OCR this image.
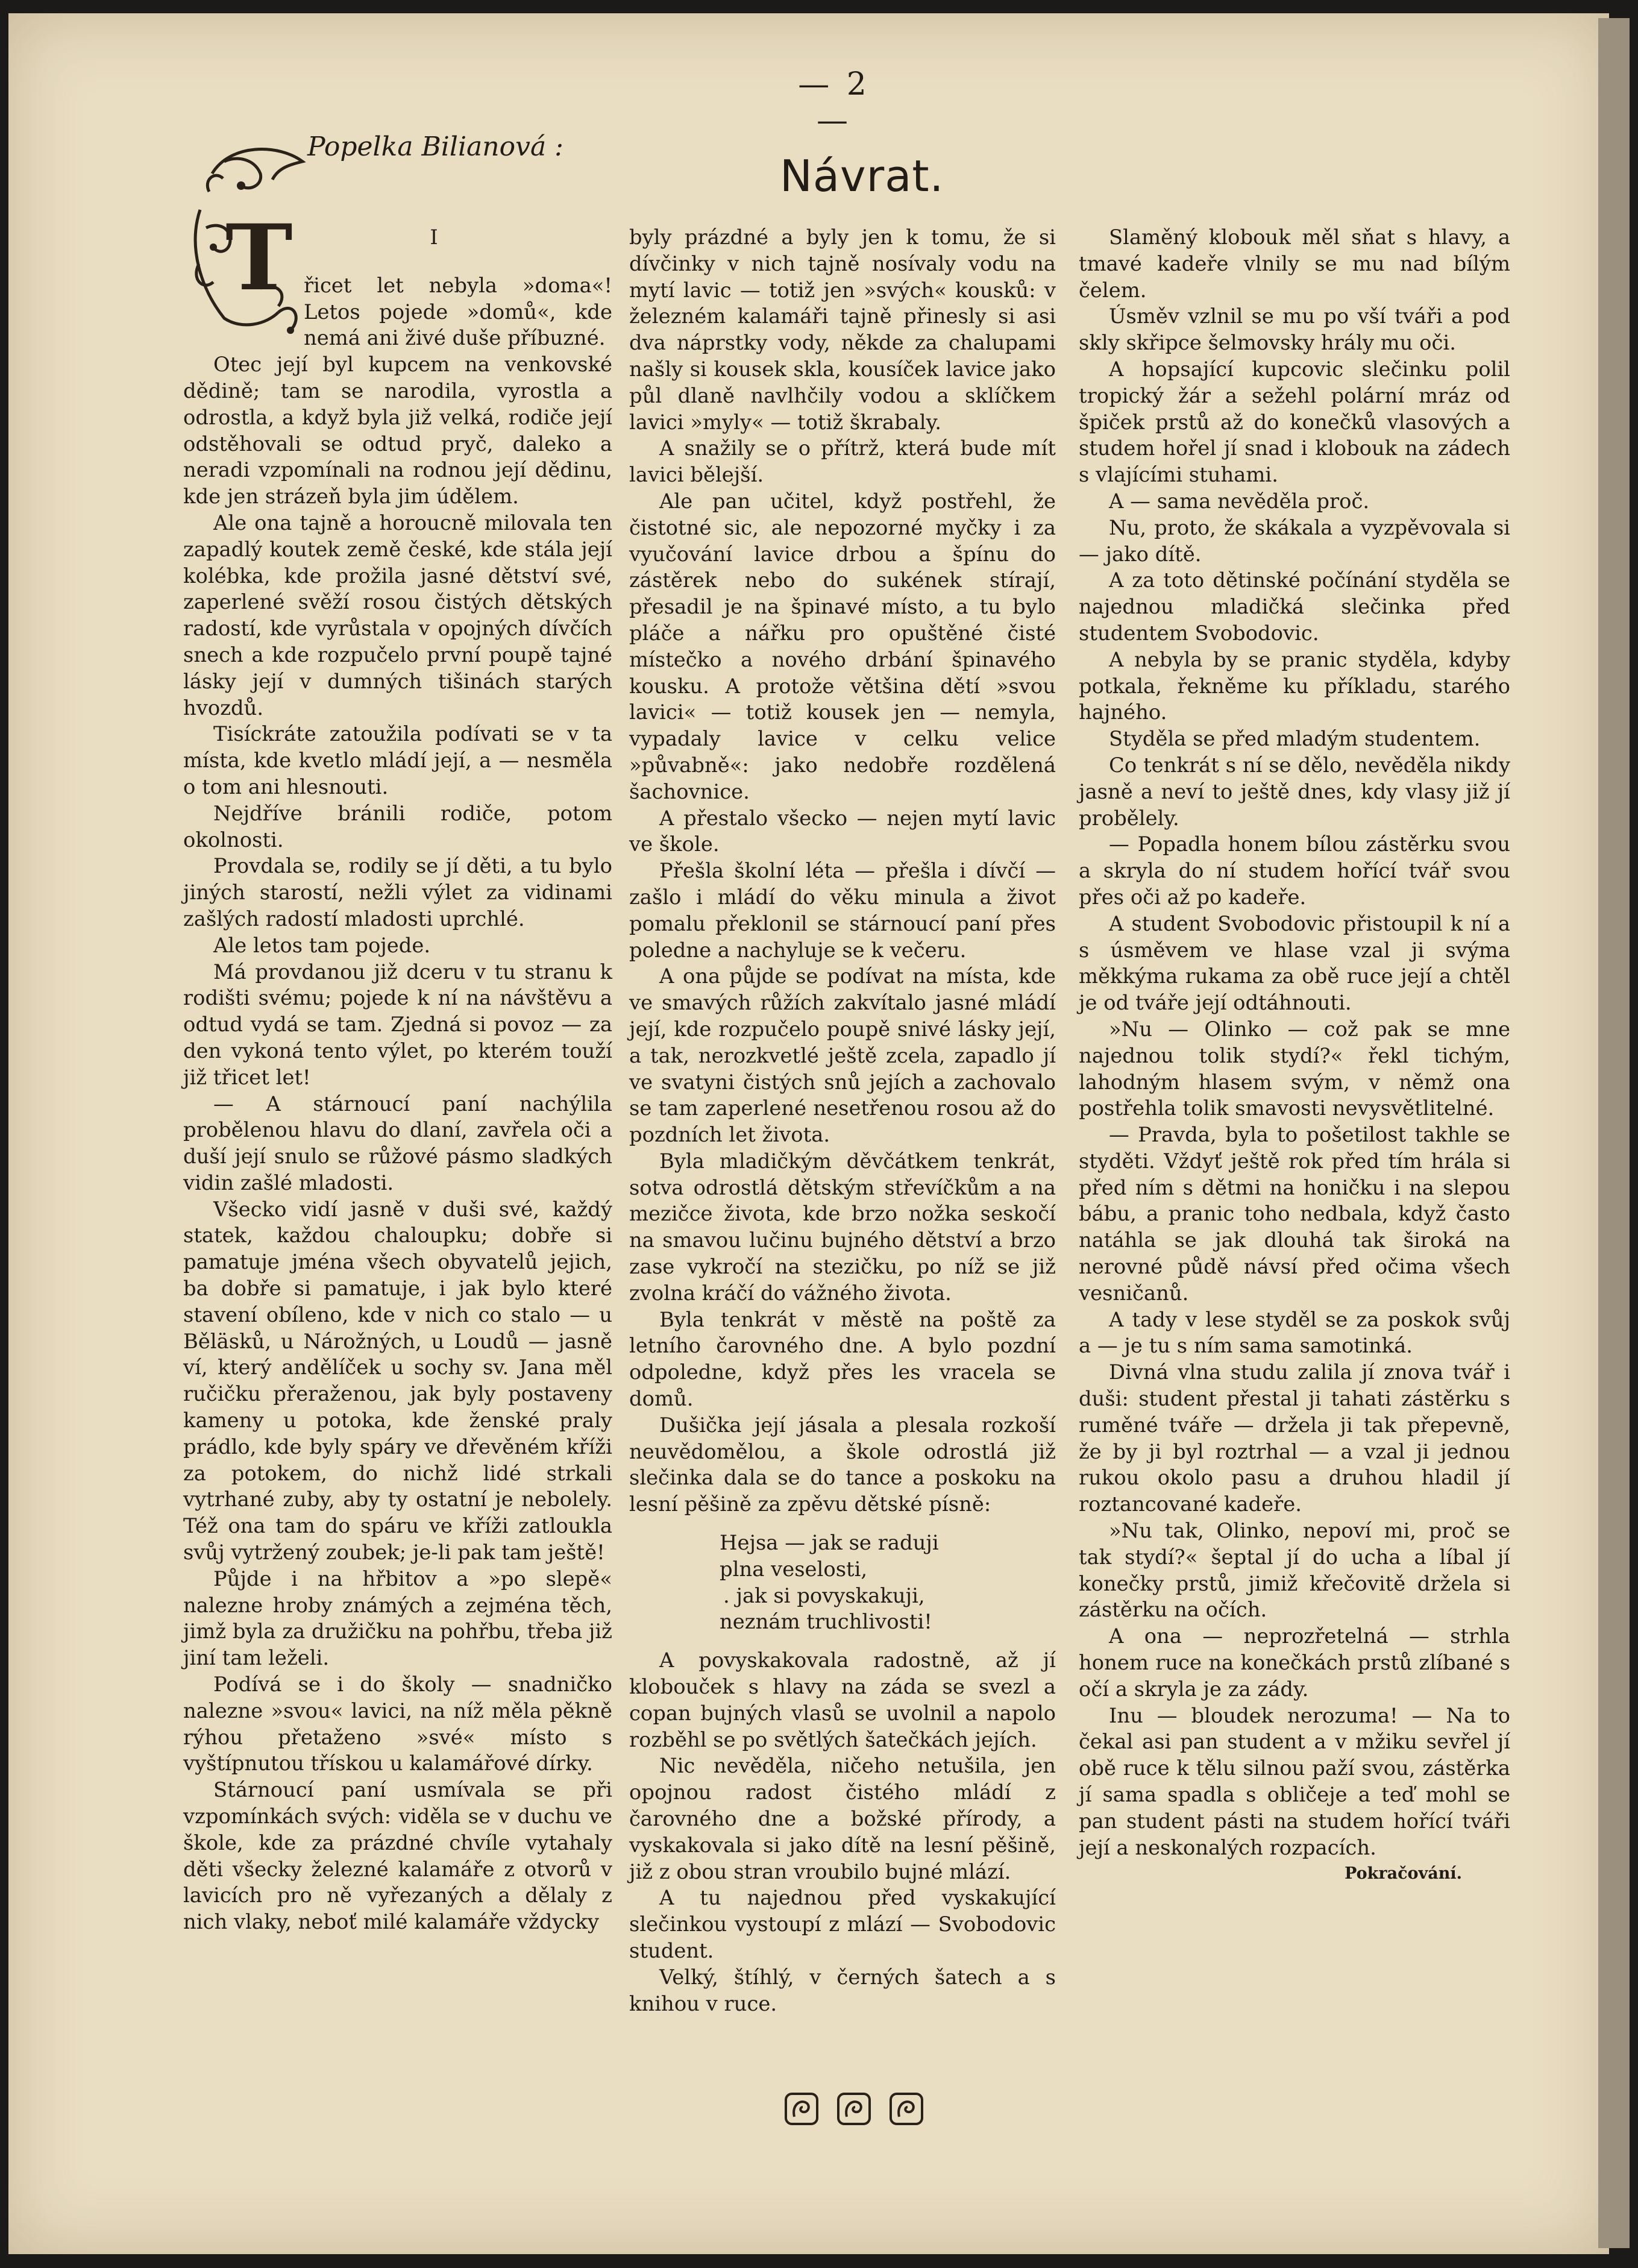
— 2 —
T
Popelka Bilianová :
Návrat.

I

řicet let nebyla »doma«! Letos pojede »domů«, kde nemá ani živé duše příbuzné.

Otec její byl kupcem na venkovské dědině; tam se narodila, vyrostla a odrostla, a když byla již velká, rodiče její odstěhovali se odtud pryč, daleko a neradi vzpomínali na rodnou její dědinu, kde jen strázeň byla jim údělem.

Ale ona tajně a horoucně milovala ten zapadlý koutek země české, kde stála její kolébka, kde prožila jasné dětství své, zaperlené svěží rosou čistých dětských radostí, kde vyrůstala v opojných dívčích snech a kde rozpučelo první poupě tajné lásky její v dumných tišinách starých hvozdů.

Tisíckráte zatoužila podívati se v ta místa, kde kvetlo mládí její, a — nesměla o tom ani hlesnouti.

Nejdříve bránili rodiče, potom okolnosti.

Provdala se, rodily se jí děti, a tu bylo jiných starostí, nežli výlet za vidinami zašlých radostí mladosti uprchlé.

Ale letos tam pojede.

Má provdanou již dceru v tu stranu k rodišti svému; pojede k ní na návštěvu a odtud vydá se tam. Zjedná si povoz — za den vykoná tento výlet, po kterém touží již třicet let!

— A stárnoucí paní nachýlila probělenou hlavu do dlaní, zavřela oči a duší její snulo se růžové pásmo sladkých vidin zašlé mladosti.

Všecko vidí jasně v duši své, každý statek, každou chaloupku; dobře si pamatuje jména všech obyvatelů jejich, ba dobře si pamatuje, i jak bylo které stavení obíleno, kde v nich co stalo — u Běläsků, u Nárožných, u Loudů — jasně ví, který andělíček u sochy sv. Jana měl ručičku přeraženou, jak byly postaveny kameny u potoka, kde ženské praly prádlo, kde byly spáry ve dřevěném kříži za potokem, do nichž lidé strkali vytrhané zuby, aby ty ostatní je nebolely. Též ona tam do spáru ve kříži zatloukla svůj vytržený zoubek; je-li pak tam ještě!

Půjde i na hřbitov a »po slepě« nalezne hroby známých a zejména těch, jimž byla za družičku na pohřbu, třeba již jiní tam leželi.

Podívá se i do školy — snadničko nalezne »svou« lavici, na níž měla pěkně rýhou přetaženo »své« místo s vyštípnutou třískou u kalamářové dírky.

Stárnoucí paní usmívala se při vzpomínkách svých: viděla se v duchu ve škole, kde za prázdné chvíle vytahaly děti všecky železné kalamáře z otvorů v lavicích pro ně vyřezaných a dělaly z nich vlaky, neboť milé kalamáře vždycky

byly prázdné a byly jen k tomu, že si dívčinky v nich tajně nosívaly vodu na mytí lavic — totiž jen »svých« kousků: v železném kalamáři tajně přinesly si asi dva náprstky vody, někde za chalupami našly si kousek skla, kousíček lavice jako půl dlaně navlhčily vodou a sklíčkem lavici »myly« — totiž škrabaly.

A snažily se o přítrž, která bude mít lavici bělejší.

Ale pan učitel, když postřehl, že čistotné sic, ale nepozorné myčky i za vyučování lavice drbou a špínu do zástěrek nebo do sukének stírají, přesadil je na špinavé místo, a tu bylo pláče a nářku pro opuštěné čisté místečko a nového drbání špinavého kousku. A protože většina dětí »svou lavici« — totiž kousek jen — nemyla, vypadaly lavice v celku velice »půvabně«: jako nedobře rozdělená šachovnice.

A přestalo všecko — nejen mytí lavic ve škole.

Přešla školní léta — přešla i dívčí — zašlo i mládí do věku minula a život pomalu překlonil se stárnoucí paní přes poledne a nachyluje se k večeru.

A ona půjde se podívat na místa, kde ve smavých růžích zakvítalo jasné mládí její, kde rozpučelo poupě snivé lásky její, a tak, nerozkvetlé ještě zcela, zapadlo jí ve svatyni čistých snů jejích a zachovalo se tam zaperlené nesetřenou rosou až do pozdních let života.

Byla mladičkým děvčátkem tenkrát, sotva odrostlá dětským střevíčkům a na mezičce života, kde brzo nožka seskočí na smavou lučinu bujného dětství a brzo zase vykročí na stezičku, po níž se již zvolna kráčí do vážného života.

Byla tenkrát v městě na poště za letního čarovného dne. A bylo pozdní odpoledne, když přes les vracela se domů.

Dušička její jásala a plesala rozkoší neuvědomělou, a škole odrostlá již slečinka dala se do tance a poskoku na lesní pěšině za zpěvu dětské písně:

Hejsa — jak se raduji
plna veselosti,
. jak si povyskakuji,
neznám truchlivosti!

A povyskakovala radostně, až jí klobouček s hlavy na záda se svezl a copan bujných vlasů se uvolnil a napolo rozběhl se po světlých šatečkách jejích.

Nic nevěděla, ničeho netušila, jen opojnou radost čistého mládí z čarovného dne a božské přírody, a vyskakovala si jako dítě na lesní pěšině, již z obou stran vroubilo bujné mlází.

A tu najednou před vyskakující slečinkou vystoupí z mlází — Svobodovic student.

Velký, štíhlý, v černých šatech a s knihou v ruce.

Slaměný klobouk měl sňat s hlavy, a tmavé kadeře vlnily se mu nad bílým čelem.

Úsměv vzlnil se mu po vší tváři a pod skly skřipce šelmovsky hrály mu oči.

A hopsající kupcovic slečinku polil tropický žár a sežehl polární mráz od špiček prstů až do konečků vlasových a studem hořel jí snad i klobouk na zádech s vlajícími stuhami.

A — sama nevěděla proč.

Nu, proto, že skákala a vyzpěvovala si — jako dítě.

A za toto dětinské počínání styděla se najednou mladičká slečinka před studentem Svobodovic.

A nebyla by se pranic styděla, kdyby potkala, řekněme ku příkladu, starého hajného.

Styděla se před mladým studentem.

Co tenkrát s ní se dělo, nevěděla nikdy jasně a neví to ještě dnes, kdy vlasy již jí probělely.

— Popadla honem bílou zástěrku svou a skryla do ní studem hořící tvář svou přes oči až po kadeře.

A student Svobodovic přistoupil k ní a s úsměvem ve hlase vzal ji svýma měkkýma rukama za obě ruce její a chtěl je od tváře její odtáhnouti.

»Nu — Olinko — což pak se mne najednou tolik stydí?« řekl tichým, lahodným hlasem svým, v němž ona postřehla tolik smavosti nevysvětlitelné.

— Pravda, byla to pošetilost takhle se styděti. Vždyť ještě rok před tím hrála si před ním s dětmi na honičku i na slepou bábu, a pranic toho nedbala, když často natáhla se jak dlouhá tak široká na nerovné půdě návsí před očima všech vesničanů.

A tady v lese styděl se za poskok svůj a — je tu s ním sama samotinká.

Divná vlna studu zalila jí znova tvář i duši: student přestal ji tahati zástěrku s ruměné tváře — držela ji tak přepevně, že by ji byl roztrhal — a vzal ji jednou rukou okolo pasu a druhou hladil jí roztancované kadeře.

»Nu tak, Olinko, nepoví mi, proč se tak stydí?« šeptal jí do ucha a líbal jí konečky prstů, jimiž křečovitě držela si zástěrku na očích.

A ona — neprozřetelná — strhla honem ruce na konečkách prstů zlíbané s očí a skryla je za zády.

Inu — bloudek nerozuma! — Na to čekal asi pan student a v mžiku sevřel jí obě ruce k tělu silnou paží svou, zástěrka jí sama spadla s obličeje a teď mohl se pan student pásti na studem hořící tváři její a neskonalých rozpacích.

Pokračování.
